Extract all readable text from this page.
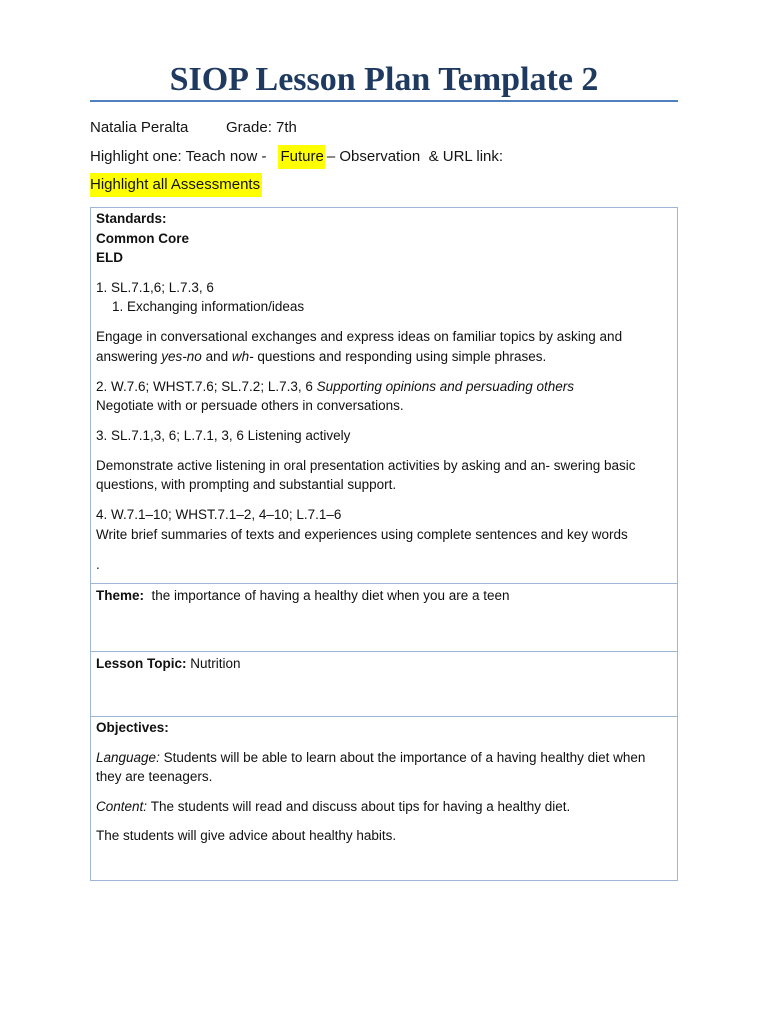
SIOP Lesson Plan Template 2
Natalia Peralta	Grade: 7th
Highlight one: Teach now - Future – Observation  & URL link:
Highlight all Assessments
Standards:
Common Core
ELD
1. SL.7.1,6; L.7.3, 6
1. Exchanging information/ideas
Engage in conversational exchanges and express ideas on familiar topics by asking and
answering yes-no and wh- questions and responding using simple phrases.
2. W.7.6; WHST.7.6; SL.7.2; L.7.3, 6 Supporting opinions and persuading others
Negotiate with or persuade others in conversations.
3. SL.7.1,3, 6; L.7.1, 3, 6 Listening actively
Demonstrate active listening in oral presentation activities by asking and an- swering basic
questions, with prompting and substantial support.
4. W.7.1–10; WHST.7.1–2, 4–10; L.7.1–6
Write brief summaries of texts and experiences using complete sentences and key words
.
Theme: the importance of having a healthy diet when you are a teen
Lesson Topic: Nutrition
Objectives:
Language: Students will be able to learn about the importance of a having healthy diet when
they are teenagers.
Content: The students will read and discuss about tips for having a healthy diet.
The students will give advice about healthy habits.
